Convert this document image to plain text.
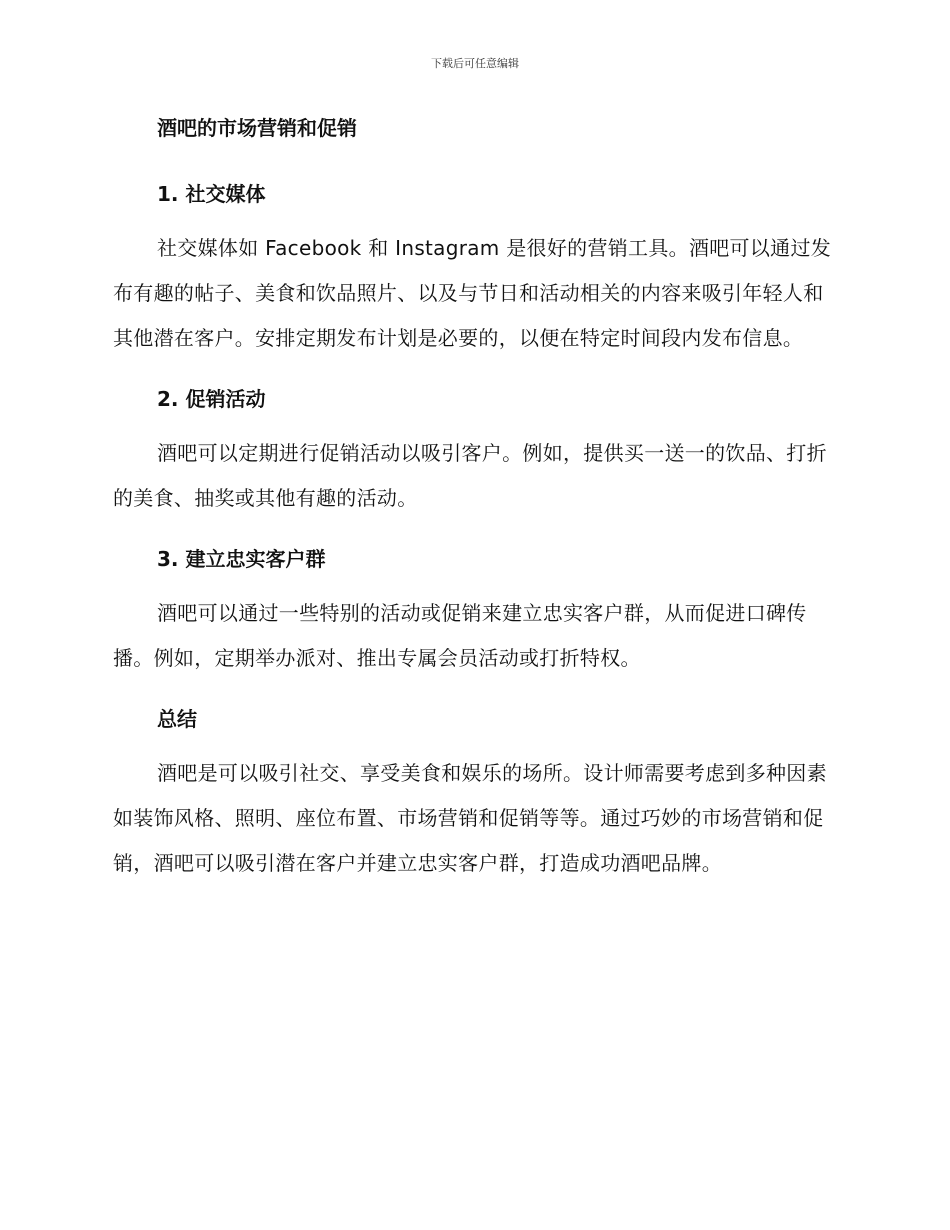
下载后可任意编辑
酒吧的市场营销和促销
1. 社交媒体

社交媒体如 Facebook 和 Instagram 是很好的营销工具。酒吧可以通过发布有趣的帖子、美食和饮品照片、以及与节日和活动相关的内容来吸引年轻人和其他潜在客户。安排定期发布计划是必要的，以便在特定时间段内发布信息。

2. 促销活动

酒吧可以定期进行促销活动以吸引客户。例如，提供买一送一的饮品、打折的美食、抽奖或其他有趣的活动。

3. 建立忠实客户群

酒吧可以通过一些特别的活动或促销来建立忠实客户群，从而促进口碑传播。例如，定期举办派对、推出专属会员活动或打折特权。

总结

酒吧是可以吸引社交、享受美食和娱乐的场所。设计师需要考虑到多种因素如装饰风格、照明、座位布置、市场营销和促销等等。通过巧妙的市场营销和促销，酒吧可以吸引潜在客户并建立忠实客户群，打造成功酒吧品牌。
